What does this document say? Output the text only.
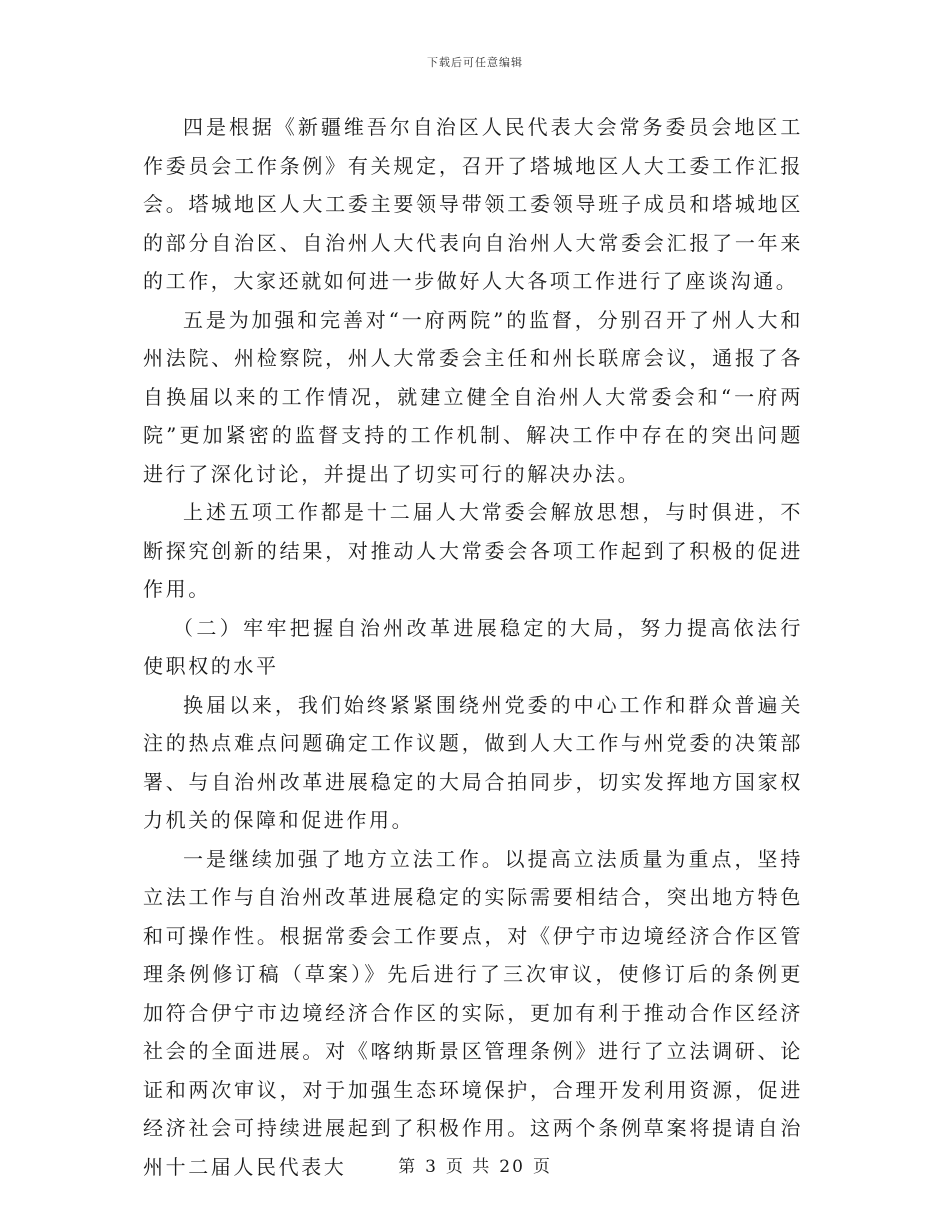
下载后可任意编辑

四是根据《新疆维吾尔自治区人民代表大会常务委员会地区工作委员会工作条例》有关规定，召开了塔城地区人大工委工作汇报会。塔城地区人大工委主要领导带领工委领导班子成员和塔城地区的部分自治区、自治州人大代表向自治州人大常委会汇报了一年来的工作，大家还就如何进一步做好人大各项工作进行了座谈沟通。

五是为加强和完善对“一府两院”的监督，分别召开了州人大和州法院、州检察院，州人大常委会主任和州长联席会议，通报了各自换届以来的工作情况，就建立健全自治州人大常委会和“一府两院”更加紧密的监督支持的工作机制、解决工作中存在的突出问题进行了深化讨论，并提出了切实可行的解决办法。

上述五项工作都是十二届人大常委会解放思想，与时俱进，不断探究创新的结果，对推动人大常委会各项工作起到了积极的促进作用。

（二）牢牢把握自治州改革进展稳定的大局，努力提高依法行使职权的水平

换届以来，我们始终紧紧围绕州党委的中心工作和群众普遍关注的热点难点问题确定工作议题，做到人大工作与州党委的决策部署、与自治州改革进展稳定的大局合拍同步，切实发挥地方国家权力机关的保障和促进作用。

一是继续加强了地方立法工作。以提高立法质量为重点，坚持立法工作与自治州改革进展稳定的实际需要相结合，突出地方特色和可操作性。根据常委会工作要点，对《伊宁市边境经济合作区管理条例修订稿（草案）》先后进行了三次审议，使修订后的条例更加符合伊宁市边境经济合作区的实际，更加有利于推动合作区经济社会的全面进展。对《喀纳斯景区管理条例》进行了立法调研、论证和两次审议，对于加强生态环境保护，合理开发利用资源，促进经济社会可持续进展起到了积极作用。这两个条例草案将提请自治州十二届人民代表大	第 3 页 共 20 页
